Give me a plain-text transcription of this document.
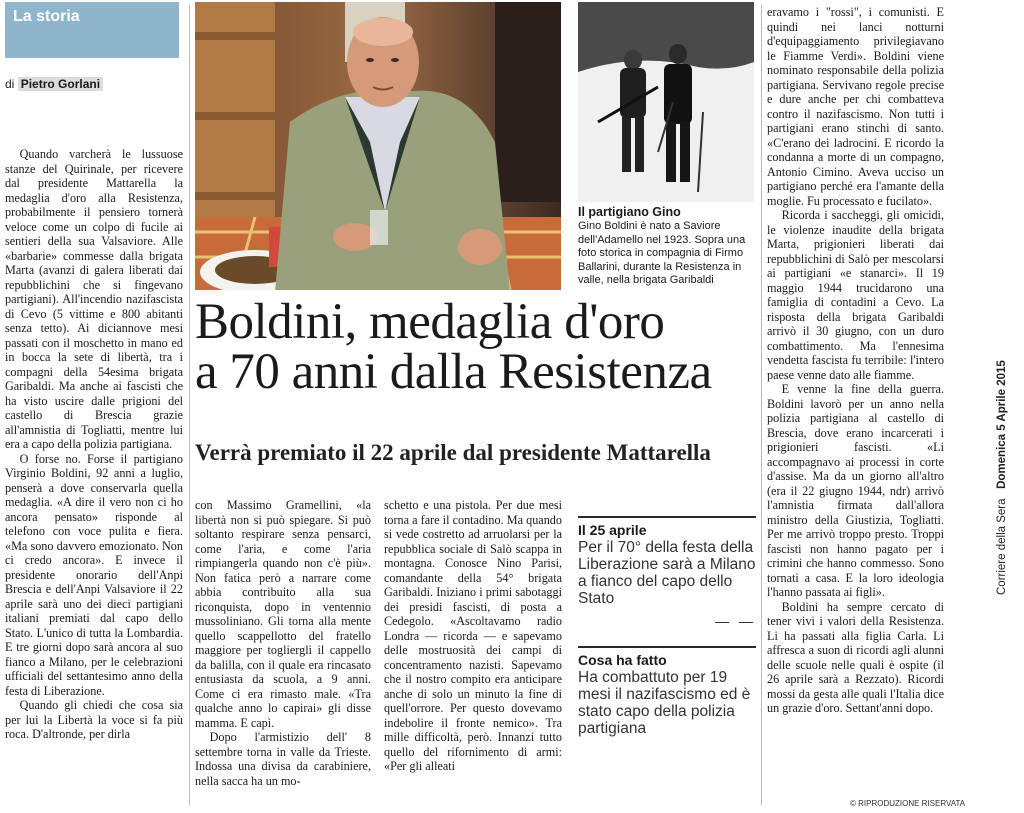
La storia
di Pietro Gorlani
Il partigiano Gino
Gino Boldini è nato a Saviore dell'Adamello nel 1923. Sopra una foto storica in compagnia di Firmo Ballarini, durante la Resistenza in valle, nella brigata Garibaldi
Boldini, medaglia d'oro
a 70 anni dalla Resistenza
Verrà premiato il 22 aprile dal presidente Mattarella

Quando varcherà le lussuose stanze del Quirinale, per ricevere dal presidente Mattarella la medaglia d'oro alla Resistenza, probabilmente il pensiero tornerà veloce come un colpo di fucile ai sentieri della sua Valsaviore. Alle «barbarie» commesse dalla brigata Marta (avanzi di galera liberati dai repubblichini che si fingevano partigiani). All'incendio nazifascista di Cevo (5 vittime e 800 abitanti senza tetto). Ai diciannove mesi passati con il moschetto in mano ed in bocca la sete di libertà, tra i compagni della 54esima brigata Garibaldi. Ma anche ai fascisti che ha visto uscire dalle prigioni del castello di Brescia grazie all'amnistia di Togliatti, mentre lui era a capo della polizia partigiana.

O forse no. Forse il partigiano Virginio Boldini, 92 anni a luglio, penserà a dove conservarla quella medaglia. «A dire il vero non ci ho ancora pensato» risponde al telefono con voce pulita e fiera. «Ma sono davvero emozionato. Non ci credo ancora». E invece il presidente onorario dell'Anpi Brescia e dell'Anpi Valsaviore il 22 aprile sarà uno dei dieci partigiani italiani premiati dal capo dello Stato. L'unico di tutta la Lombardia. E tre giorni dopo sarà ancora al suo fianco a Milano, per le celebrazioni ufficiali del settantesimo anno della festa di Liberazione.

Quando gli chiedi che cosa sia per lui la Libertà la voce si fa più roca. D'altronde, per dirla

con Massimo Gramellini, «la libertà non si può spiegare. Si può soltanto respirare senza pensarci, come l'aria, e come l'aria rimpiangerla quando non c'è più». Non fatica però a narrare come abbia contribuito alla sua riconquista, dopo in ventennio mussoliniano. Gli torna alla mente quello scappellotto del fratello maggiore per togliergli il cappello da balilla, con il quale era rincasato entusiasta da scuola, a 9 anni. Come ci era rimasto male. «Tra qualche anno lo capirai» gli disse mamma. E capì.

Dopo l'armistizio dell' 8 settembre torna in valle da Trieste. Indossa una divisa da carabiniere, nella sacca ha un mo-

schetto e una pistola. Per due mesi torna a fare il contadino. Ma quando si vede costretto ad arruolarsi per la repubblica sociale di Salò scappa in montagna. Conosce Nino Parisi, comandante della 54° brigata Garibaldi. Iniziano i primi sabotaggi dei presidi fascisti, di posta a Cedegolo. «Ascoltavamo radio Londra — ricorda — e sapevamo delle mostruosità dei campi di concentramento nazisti. Sapevamo che il nostro compito era anticipare anche di solo un minuto la fine di quell'orrore. Per questo dovevamo indebolire il fronte nemico». Tra mille difficoltà, però. Innanzi tutto quello del rifornimento di armi: «Per gli alleati

Il 25 aprile
Per il 70° della festa della Liberazione sarà a Milano a fianco del capo dello Stato
— —
Cosa ha fatto
Ha combattuto per 19 mesi il nazifascismo ed è stato capo della polizia partigiana

eravamo i "rossi", i comunisti. E quindi nei lanci notturni d'equipaggiamento privilegiavano le Fiamme Verdi». Boldini viene nominato responsabile della polizia partigiana. Servivano regole precise e dure anche per chi combatteva contro il nazifascismo. Non tutti i partigiani erano stinchi di santo. «C'erano dei ladrocini. E ricordo la condanna a morte di un compagno, Antonio Cimino. Aveva ucciso un partigiano perché era l'amante della moglie. Fu processato e fucilato».

Ricorda i saccheggi, gli omicidi, le violenze inaudite della brigata Marta, prigionieri liberati dai repubblichini di Salò per mescolarsi ai partigiani «e stanarci». Il 19 maggio 1944 trucidarono una famiglia di contadini a Cevo. La risposta della brigata Garibaldi arrivò il 30 giugno, con un duro combattimento. Ma l'ennesima vendetta fascista fu terribile: l'intero paese venne dato alle fiamme.

E venne la fine della guerra. Boldini lavorò per un anno nella polizia partigiana al castello di Brescia, dove erano incarcerati i prigionieri fascisti. «Li accompagnavo ai processi in corte d'assise. Ma da un giorno all'altro (era il 22 giugno 1944, ndr) arrivò l'amnistia firmata dall'allora ministro della Giustizia, Togliatti. Per me arrivò troppo presto. Troppi fascisti non hanno pagato per i crimini che hanno commesso. Sono tornati a casa. E la loro ideologia l'hanno passata ai figli».

Boldini ha sempre cercato di tener vivi i valori della Resistenza. Li ha passati alla figlia Carla. Li affresca a suon di ricordi agli alunni delle scuole nelle quali è ospite (il 26 aprile sarà a Rezzato). Ricordi mossi da gesta alle quali l'Italia dice un grazie d'oro. Settant'anni dopo.

© RIPRODUZIONE RISERVATA
Corriere della Sera   Domenica 5 Aprile 2015
